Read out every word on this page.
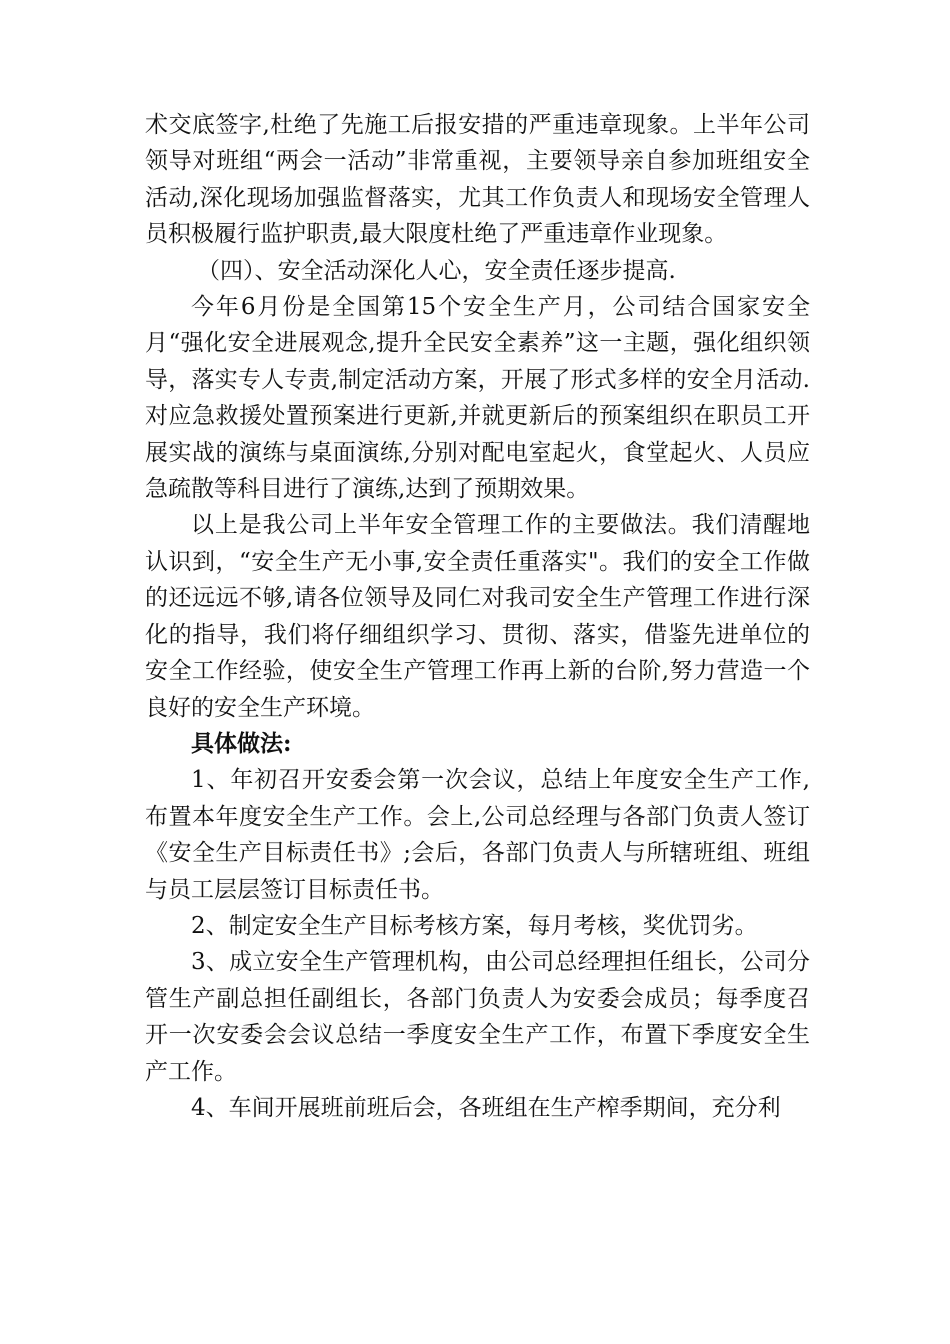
术交底签字,杜绝了先施工后报安措的严重违章现象。上半年公司领导对班组“两会一活动”非常重视，主要领导亲自参加班组安全活动,深化现场加强监督落实，尤其工作负责人和现场安全管理人员积极履行监护职责,最大限度杜绝了严重违章作业现象。

（四）、安全活动深化人心，安全责任逐步提高.

今年6月份是全国第15个安全生产月，公司结合国家安全月“强化安全进展观念,提升全民安全素养”这一主题，强化组织领导，落实专人专责,制定活动方案，开展了形式多样的安全月活动.对应急救援处置预案进行更新,并就更新后的预案组织在职员工开展实战的演练与桌面演练,分别对配电室起火，食堂起火、人员应急疏散等科目进行了演练,达到了预期效果。

以上是我公司上半年安全管理工作的主要做法。我们清醒地认识到，“安全生产无小事,安全责任重落实"。我们的安全工作做的还远远不够,请各位领导及同仁对我司安全生产管理工作进行深化的指导，我们将仔细组织学习、贯彻、落实，借鉴先进单位的安全工作经验，使安全生产管理工作再上新的台阶,努力营造一个良好的安全生产环境。

具体做法:

1、年初召开安委会第一次会议，总结上年度安全生产工作,布置本年度安全生产工作。会上,公司总经理与各部门负责人签订《安全生产目标责任书》;会后，各部门负责人与所辖班组、班组与员工层层签订目标责任书。

2、制定安全生产目标考核方案，每月考核，奖优罚劣。

3、成立安全生产管理机构，由公司总经理担任组长，公司分管生产副总担任副组长，各部门负责人为安委会成员；每季度召开一次安委会会议总结一季度安全生产工作，布置下季度安全生产工作。

4、车间开展班前班后会，各班组在生产榨季期间，充分利
